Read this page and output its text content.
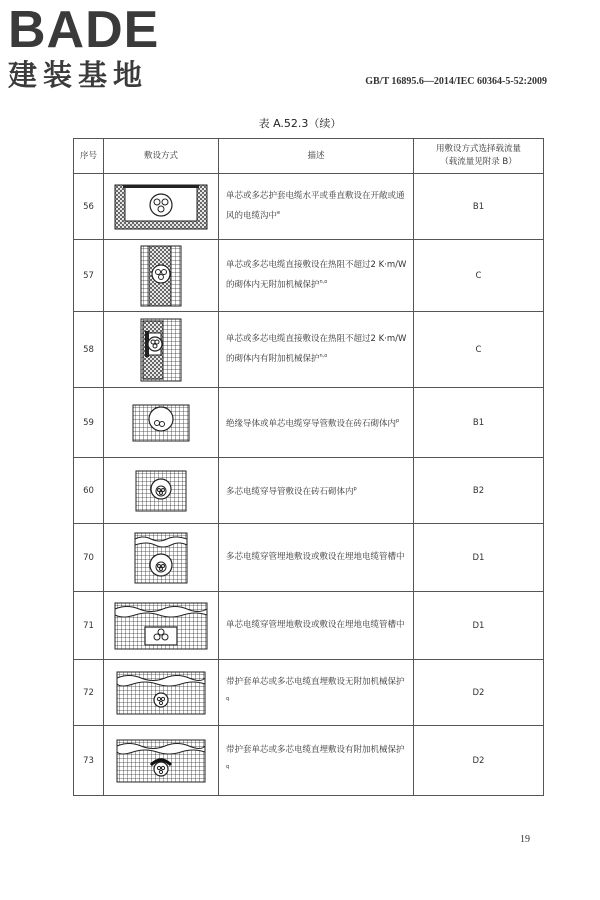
BADE
建装基地	GB/T 16895.6—2014/IEC 60364-5-52:2009
表 A.52.3（续）
序号	敷设方式	描述	用敷设方式选择载流量
（载流量见附录 B）

56		单芯或多芯护套电缆水平或垂直敷设在开敞或通风的电缆沟中$^e$	B1
57		单芯或多芯电缆直接敷设在热阻不超过2 K·m/W的砌体内无附加机械保护$^{n,o}$	C
58		单芯或多芯电缆直接敷设在热阻不超过2 K·m/W的砌体内有附加机械保护$^{n,o}$	C
59		绝缘导体或单芯电缆穿导管敷设在砖石砌体内$^p$	B1
60		多芯电缆穿导管敷设在砖石砌体内$^p$	B2
70		多芯电缆穿管埋地敷设或敷设在埋地电缆管槽中	D1
71		单芯电缆穿管埋地敷设或敷设在埋地电缆管槽中	D1
72		带护套单芯或多芯电缆直埋敷设无附加机械保护$^q$	D2
73		带护套单芯或多芯电缆直埋敷设有附加机械保护$^q$	D2
19
